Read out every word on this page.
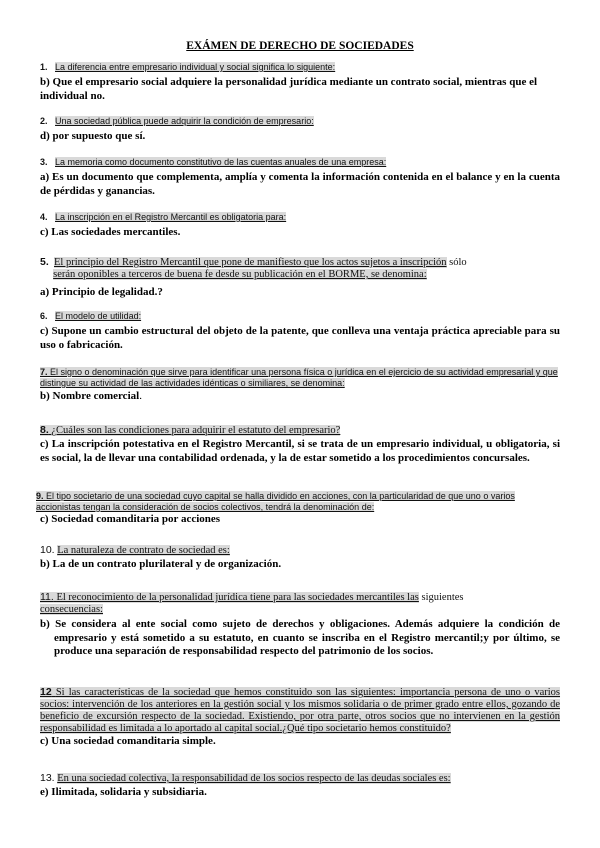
EXÁMEN DE DERECHO DE SOCIEDADES
1. La diferencia entre empresario individual y social significa lo siguiente:
b) Que el empresario social adquiere la personalidad jurídica mediante un contrato social, mientras que el individual no.
2. Una sociedad pública puede adquirir la condición de empresario:
d) por supuesto que sí.
3. La memoria como documento constitutivo de las cuentas anuales de una empresa:
a) Es un documento que complementa, amplía y comenta la información contenida en el balance y en la cuenta de pérdidas y ganancias.
4. La inscripción en el Registro Mercantil es obligatoria para:
c) Las sociedades mercantiles.
5. El principio del Registro Mercantil que pone de manifiesto que los actos sujetos a inscripción sólo
serán oponibles a terceros de buena fe desde su publicación en el BORME, se denomina:
a) Principio de legalidad.?
6. El modelo de utilidad:
c) Supone un cambio estructural del objeto de la patente, que conlleva una ventaja práctica apreciable para su uso o fabricación.
7. El signo o denominación que sirve para identificar una persona física o jurídica en el ejercicio de su actividad empresarial y que distingue su actividad de las actividades idénticas o similiares, se denomina:
b) Nombre comercial.
8. ¿Cuáles son las condiciones para adquirir el estatuto del empresario?
c) La inscripción potestativa en el Registro Mercantil, si se trata de un empresario individual, u obligatoria, si es social, la de llevar una contabilidad ordenada, y la de estar sometido a los procedimientos concursales.
9. El tipo societario de una sociedad cuyo capital se halla dividido en acciones, con la particularidad de que uno o varios accionistas tengan la consideración de socios colectivos, tendrá la denominación de:
c) Sociedad comanditaria por acciones
10. La naturaleza de contrato de sociedad es:
b) La de un contrato plurilateral y de organización.
11. El reconocimiento de la personalidad jurídica tiene para las sociedades mercantiles las siguientes
consecuencias:
b) Se considera al ente social como sujeto de derechos y obligaciones. Además adquiere la condición de empresario y está sometido a su estatuto, en cuanto se inscriba en el Registro mercantil;y por último, se produce una separación de responsabilidad respecto del patrimonio de los socios.
12 Si las características de la sociedad que hemos constituido son las siguientes: importancia persona de uno o varios socios: intervención de los anteriores en la gestión social y los mismos solidaria o de primer grado entre ellos, gozando de beneficio de excursión respecto de la sociedad. Existiendo, por otra parte, otros socios que no intervienen en la gestión responsabilidad es limitada a lo aportado al capital social.¿Qué tipo societario hemos constituido?
c) Una sociedad comanditaria simple.
13. En una sociedad colectiva, la responsabilidad de los socios respecto de las deudas sociales es:
e) Ilimitada, solidaria y subsidiaria.
